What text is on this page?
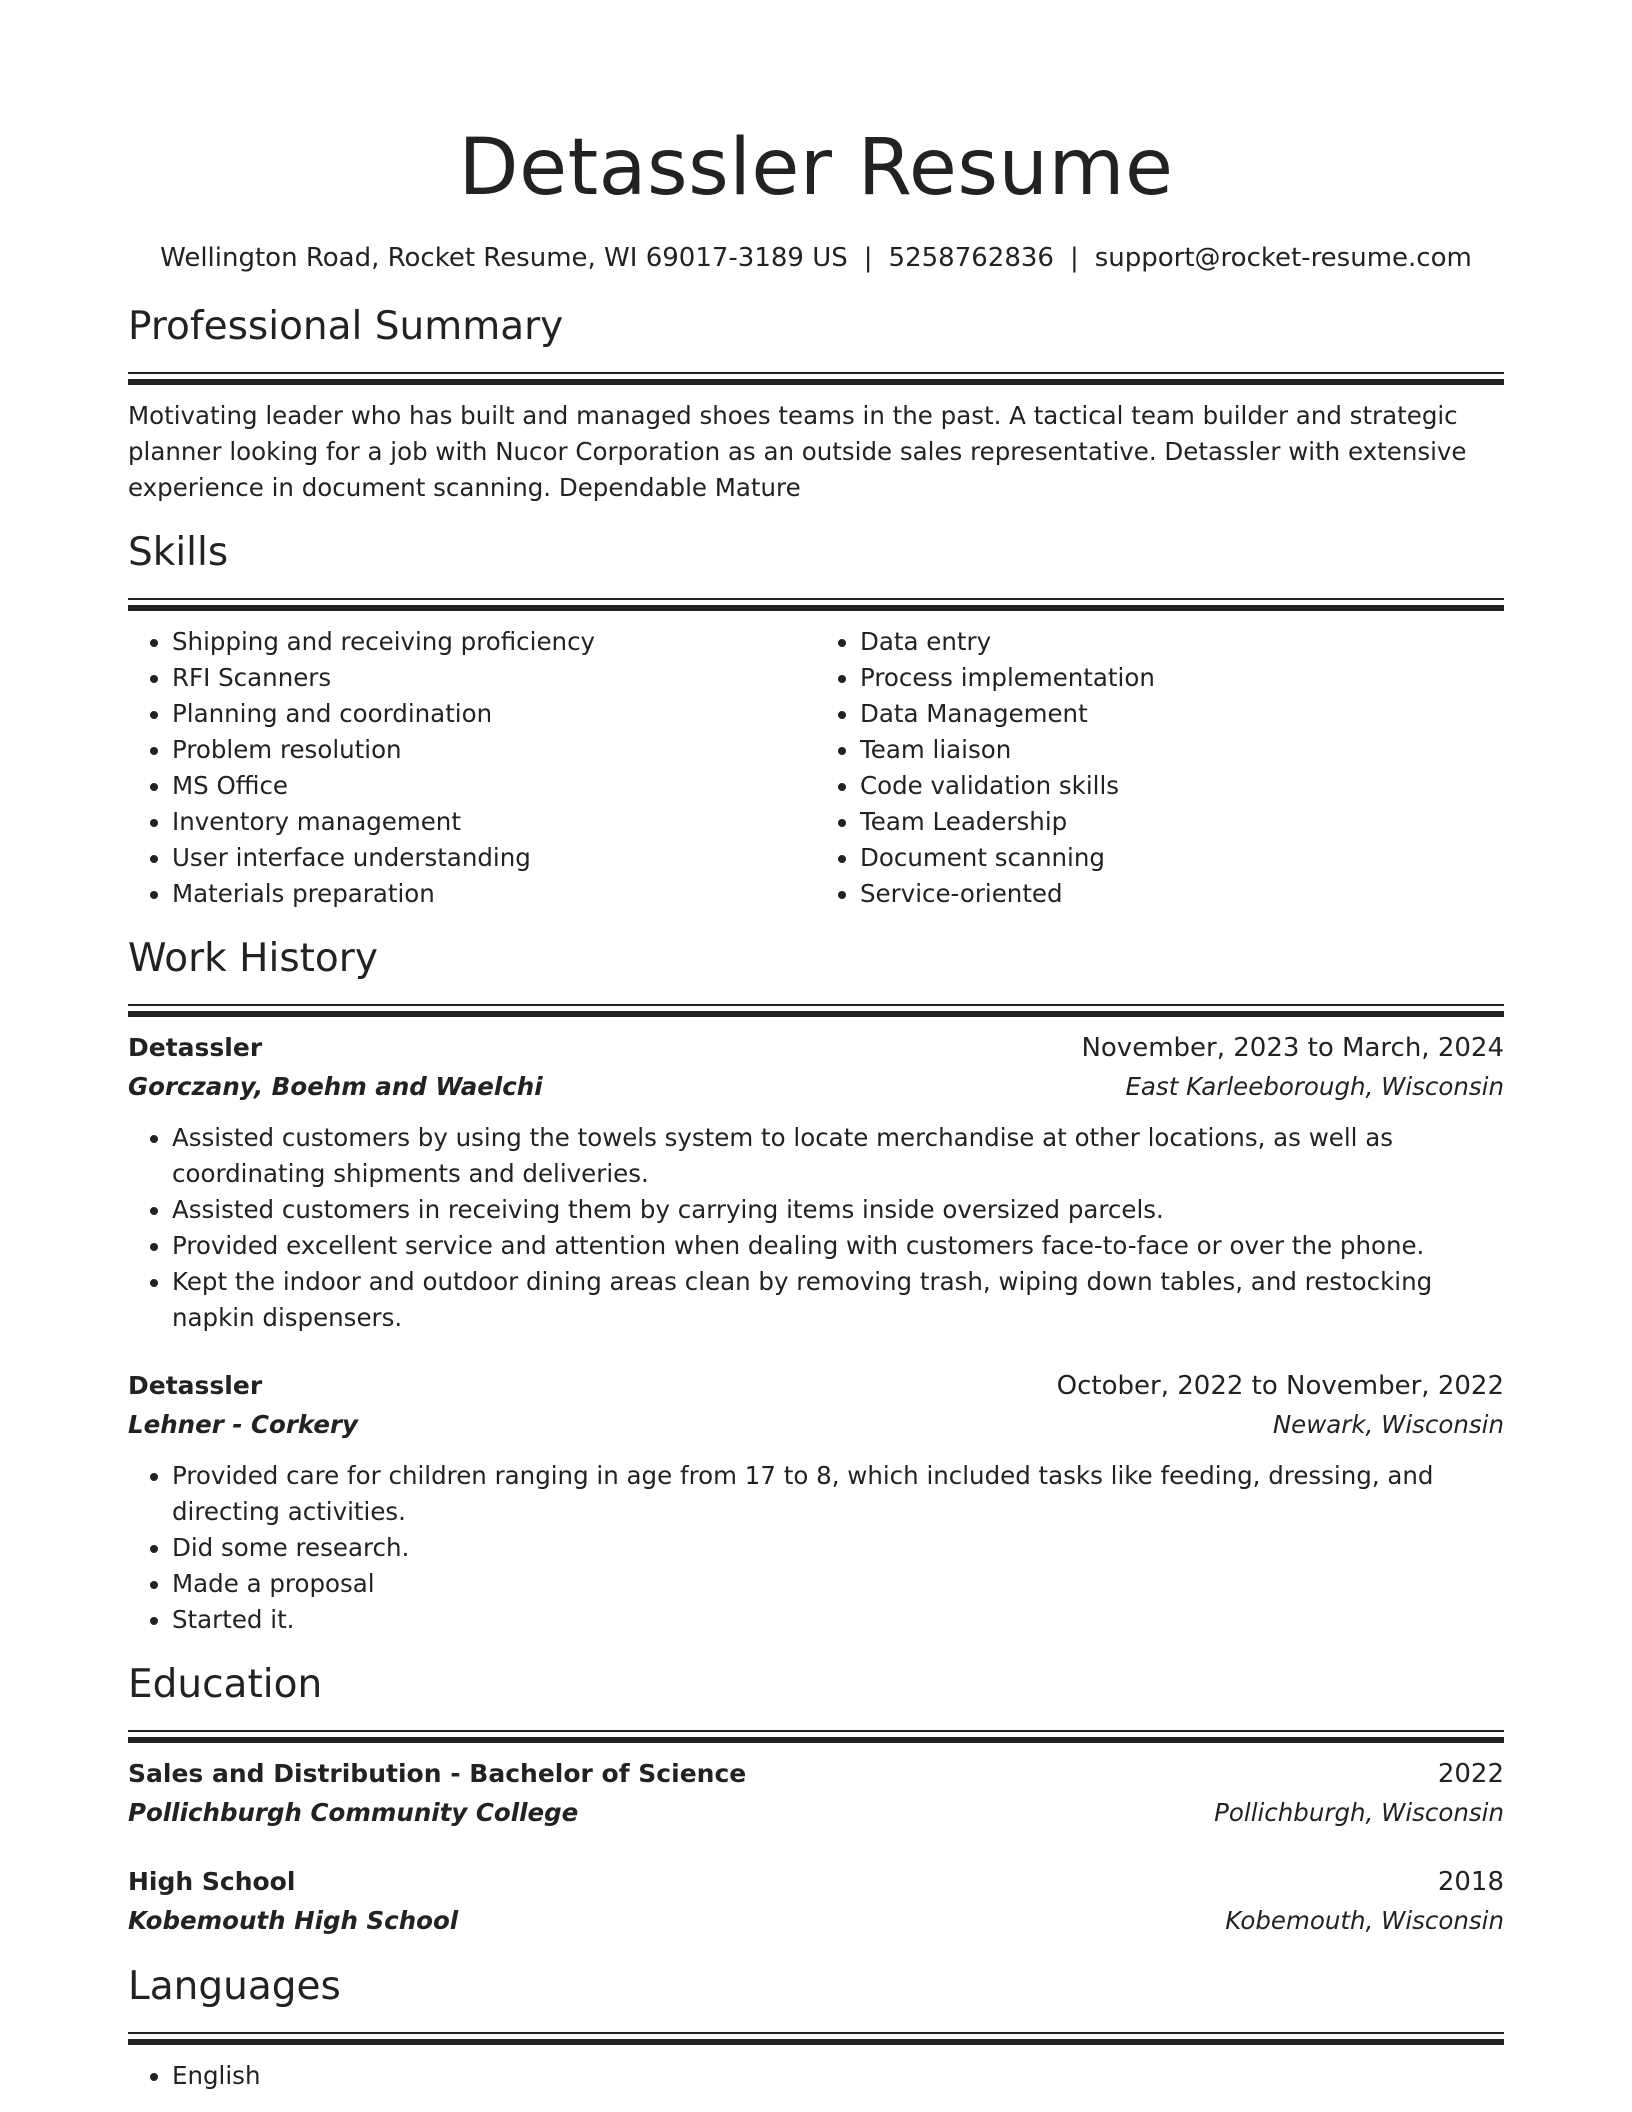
Detassler Resume
Wellington Road, Rocket Resume, WI 69017-3189 US | 5258762836 | support@rocket-resume.com
Professional Summary

Motivating leader who has built and managed shoes teams in the past. A tactical team builder and strategic planner looking for a job with Nucor Corporation as an outside sales representative. Detassler with extensive experience in document scanning. Dependable Mature

Skills
• Shipping and receiving proficiency
• RFI Scanners
• Planning and coordination
• Problem resolution
• MS Office
• Inventory management
• User interface understanding
• Materials preparation
• Data entry
• Process implementation
• Data Management
• Team liaison
• Code validation skills
• Team Leadership
• Document scanning
• Service-oriented
Work History
Detassler	November, 2023 to March, 2024
Gorczany, Boehm and Waelchi	East Karleeborough, Wisconsin
• Assisted customers by using the towels system to locate merchandise at other locations, as well as coordinating shipments and deliveries.
• Assisted customers in receiving them by carrying items inside oversized parcels.
• Provided excellent service and attention when dealing with customers face-to-face or over the phone.
• Kept the indoor and outdoor dining areas clean by removing trash, wiping down tables, and restocking napkin dispensers.
Detassler	October, 2022 to November, 2022
Lehner - Corkery	Newark, Wisconsin
• Provided care for children ranging in age from 17 to 8, which included tasks like feeding, dressing, and directing activities.
• Did some research.
• Made a proposal
• Started it.
Education
Sales and Distribution - Bachelor of Science	2022
Pollichburgh Community College	Pollichburgh, Wisconsin
High School	2018
Kobemouth High School	Kobemouth, Wisconsin
Languages
• English
